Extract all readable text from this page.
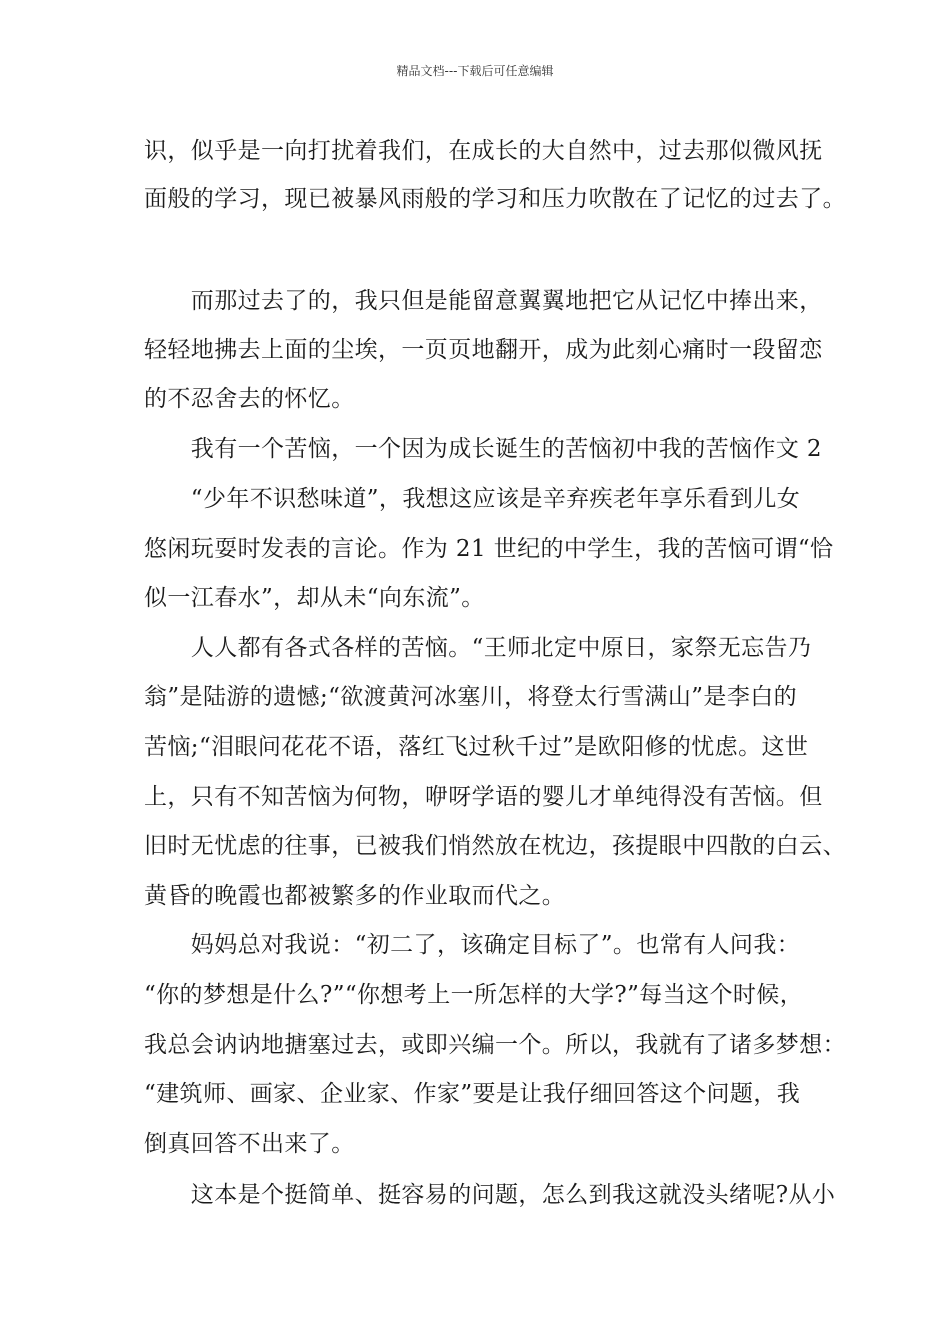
精品文档---下载后可任意编辑
识，似乎是一向打扰着我们，在成长的大自然中，过去那似微风抚
面般的学习，现已被暴风雨般的学习和压力吹散在了记忆的过去了。
　　而那过去了的，我只但是能留意翼翼地把它从记忆中捧出来，
轻轻地拂去上面的尘埃，一页页地翻开，成为此刻心痛时一段留恋
的不忍舍去的怀忆。
　　我有一个苦恼，一个因为成长诞生的苦恼初中我的苦恼作文 2
　　“少年不识愁味道”，我想这应该是辛弃疾老年享乐看到儿女
悠闲玩耍时发表的言论。作为 21 世纪的中学生，我的苦恼可谓“恰
似一江春水”，却从未“向东流”。
　　人人都有各式各样的苦恼。“王师北定中原日，家祭无忘告乃
翁”是陆游的遗憾;“欲渡黄河冰塞川，将登太行雪满山”是李白的
苦恼;“泪眼问花花不语，落红飞过秋千过”是欧阳修的忧虑。这世
上，只有不知苦恼为何物，咿呀学语的婴儿才单纯得没有苦恼。但
旧时无忧虑的往事，已被我们悄然放在枕边，孩提眼中四散的白云、
黄昏的晚霞也都被繁多的作业取而代之。
　　妈妈总对我说：“初二了，该确定目标了”。也常有人问我：
“你的梦想是什么?”“你想考上一所怎样的大学?”每当这个时候，
我总会讷讷地搪塞过去，或即兴编一个。所以，我就有了诸多梦想：
“建筑师、画家、企业家、作家”要是让我仔细回答这个问题，我
倒真回答不出来了。
　　这本是个挺简单、挺容易的问题，怎么到我这就没头绪呢?从小
